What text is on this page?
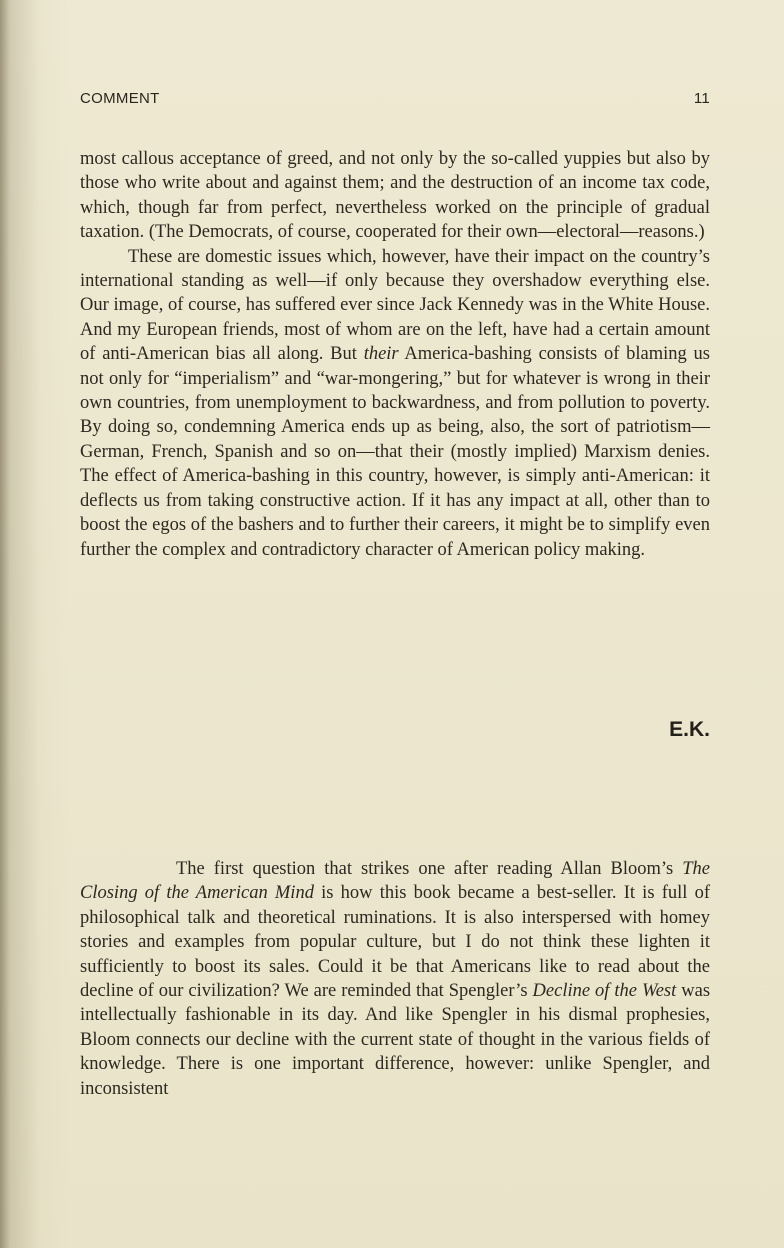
COMMENT	11

most callous acceptance of greed, and not only by the so-called yuppies but also by those who write about and against them; and the destruction of an income tax code, which, though far from perfect, nevertheless worked on the principle of gradual taxation. (The Democrats, of course, cooperated for their own—electoral—reasons.)

These are domestic issues which, however, have their impact on the country’s international standing as well—if only because they overshadow everything else. Our image, of course, has suffered ever since Jack Kennedy was in the White House. And my European friends, most of whom are on the left, have had a certain amount of anti-American bias all along. But their America-bashing consists of blaming us not only for “imperialism” and “war-mongering,” but for whatever is wrong in their own countries, from unemployment to backwardness, and from pollution to poverty. By doing so, condemning America ends up as being, also, the sort of patriotism—German, French, Spanish and so on—that their (mostly implied) Marxism denies. The effect of America-bashing in this country, however, is simply anti-American: it deflects us from taking constructive action. If it has any impact at all, other than to boost the egos of the bashers and to further their careers, it might be to simplify even further the complex and contradictory character of American policy making.

E.K.

The first question that strikes one after reading Allan Bloom’s The Closing of the American Mind is how this book became a best-seller. It is full of philosophical talk and theoretical ruminations. It is also interspersed with homey stories and examples from popular culture, but I do not think these lighten it sufficiently to boost its sales. Could it be that Americans like to read about the decline of our civilization? We are reminded that Spengler’s Decline of the West was intellectually fashionable in its day. And like Spengler in his dismal prophesies, Bloom connects our decline with the current state of thought in the various fields of knowledge. There is one important difference, however: unlike Spengler, and inconsistent
